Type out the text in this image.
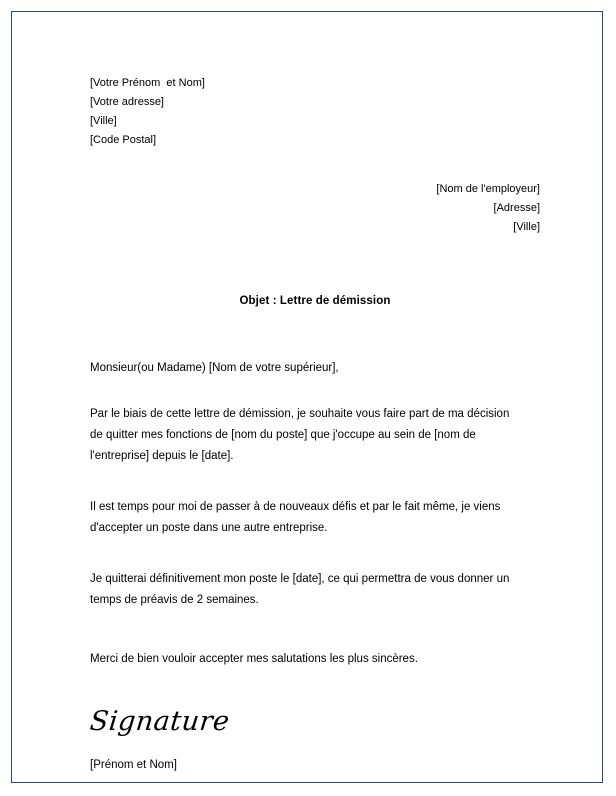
[Votre Prénom  et Nom]
[Votre adresse]
[Ville]
[Code Postal]
[Nom de l'employeur]
[Adresse]
[Ville]
Objet : Lettre de démission
Monsieur(ou Madame) [Nom de votre supérieur],
Par le biais de cette lettre de démission, je souhaite vous faire part de ma décision de quitter mes fonctions de [nom du poste] que j'occupe au sein de [nom de l'entreprise] depuis le [date].
Il est temps pour moi de passer à de nouveaux défis et par le fait même, je viens d'accepter un poste dans une autre entreprise.
Je quitterai définitivement mon poste le [date], ce qui permettra de vous donner un temps de préavis de 2 semaines.
Merci de bien vouloir accepter mes salutations les plus sincères.
Signature
[Prénom et Nom]
